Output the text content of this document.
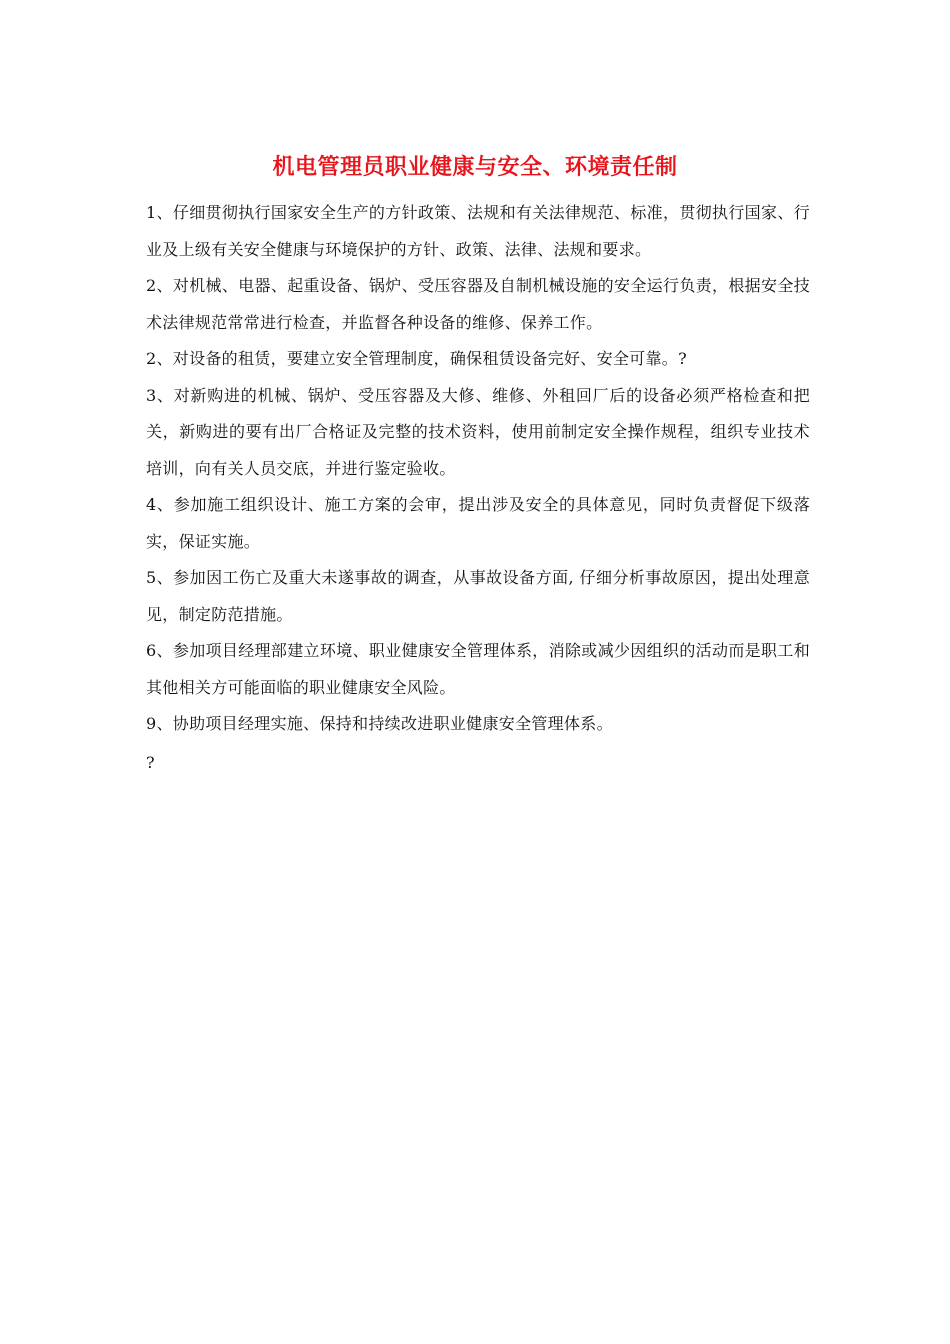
机电管理员职业健康与安全、环境责任制

1、仔细贯彻执行国家安全生产的方针政策、法规和有关法律规范、标准，贯彻执行国家、行业及上级有关安全健康与环境保护的方针、政策、法律、法规和要求。

2、对机械、电器、起重设备、锅炉、受压容器及自制机械设施的安全运行负责，根据安全技术法律规范常常进行检查，并监督各种设备的维修、保养工作。

2、对设备的租赁，要建立安全管理制度，确保租赁设备完好、安全可靠。?

3、对新购进的机械、锅炉、受压容器及大修、维修、外租回厂后的设备必须严格检查和把关，新购进的要有出厂合格证及完整的技术资料，使用前制定安全操作规程，组织专业技术培训，向有关人员交底，并进行鉴定验收。

4、参加施工组织设计、施工方案的会审，提出涉及安全的具体意见，同时负责督促下级落实，保证实施。

5、参加因工伤亡及重大未遂事故的调查，从事故设备方面, 仔细分析事故原因，提出处理意见，制定防范措施。

6、参加项目经理部建立环境、职业健康安全管理体系，消除或减少因组织的活动而是职工和其他相关方可能面临的职业健康安全风险。

9、协助项目经理实施、保持和持续改进职业健康安全管理体系。

?
